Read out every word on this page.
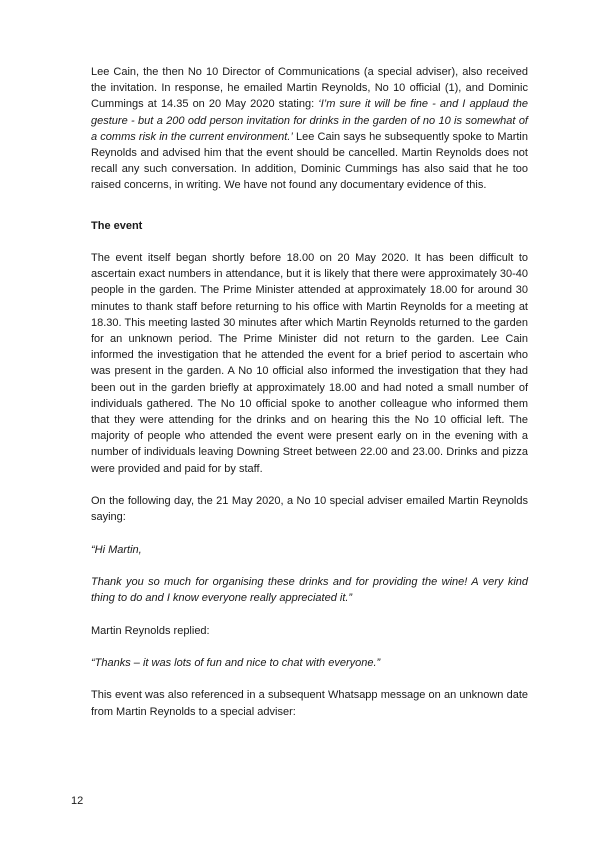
Lee Cain, the then No 10 Director of Communications (a special adviser), also received the invitation. In response, he emailed Martin Reynolds, No 10 official (1), and Dominic Cummings at 14.35 on 20 May 2020 stating: ‘I’m sure it will be fine - and I applaud the gesture - but a 200 odd person invitation for drinks in the garden of no 10 is somewhat of a comms risk in the current environment.’ Lee Cain says he subsequently spoke to Martin Reynolds and advised him that the event should be cancelled. Martin Reynolds does not recall any such conversation. In addition, Dominic Cummings has also said that he too raised concerns, in writing. We have not found any documentary evidence of this.

The event

The event itself began shortly before 18.00 on 20 May 2020. It has been difficult to ascertain exact numbers in attendance, but it is likely that there were approximately 30-40 people in the garden. The Prime Minister attended at approximately 18.00 for around 30 minutes to thank staff before returning to his office with Martin Reynolds for a meeting at 18.30. This meeting lasted 30 minutes after which Martin Reynolds returned to the garden for an unknown period. The Prime Minister did not return to the garden. Lee Cain informed the investigation that he attended the event for a brief period to ascertain who was present in the garden. A No 10 official also informed the investigation that they had been out in the garden briefly at approximately 18.00 and had noted a small number of individuals gathered. The No 10 official spoke to another colleague who informed them that they were attending for the drinks and on hearing this the No 10 official left. The majority of people who attended the event were present early on in the evening with a number of individuals leaving Downing Street between 22.00 and 23.00. Drinks and pizza were provided and paid for by staff.

On the following day, the 21 May 2020, a No 10 special adviser emailed Martin Reynolds saying:

“Hi Martin,

Thank you so much for organising these drinks and for providing the wine! A very kind thing to do and I know everyone really appreciated it.”

Martin Reynolds replied:

“Thanks – it was lots of fun and nice to chat with everyone.”

This event was also referenced in a subsequent Whatsapp message on an unknown date from Martin Reynolds to a special adviser:

12
